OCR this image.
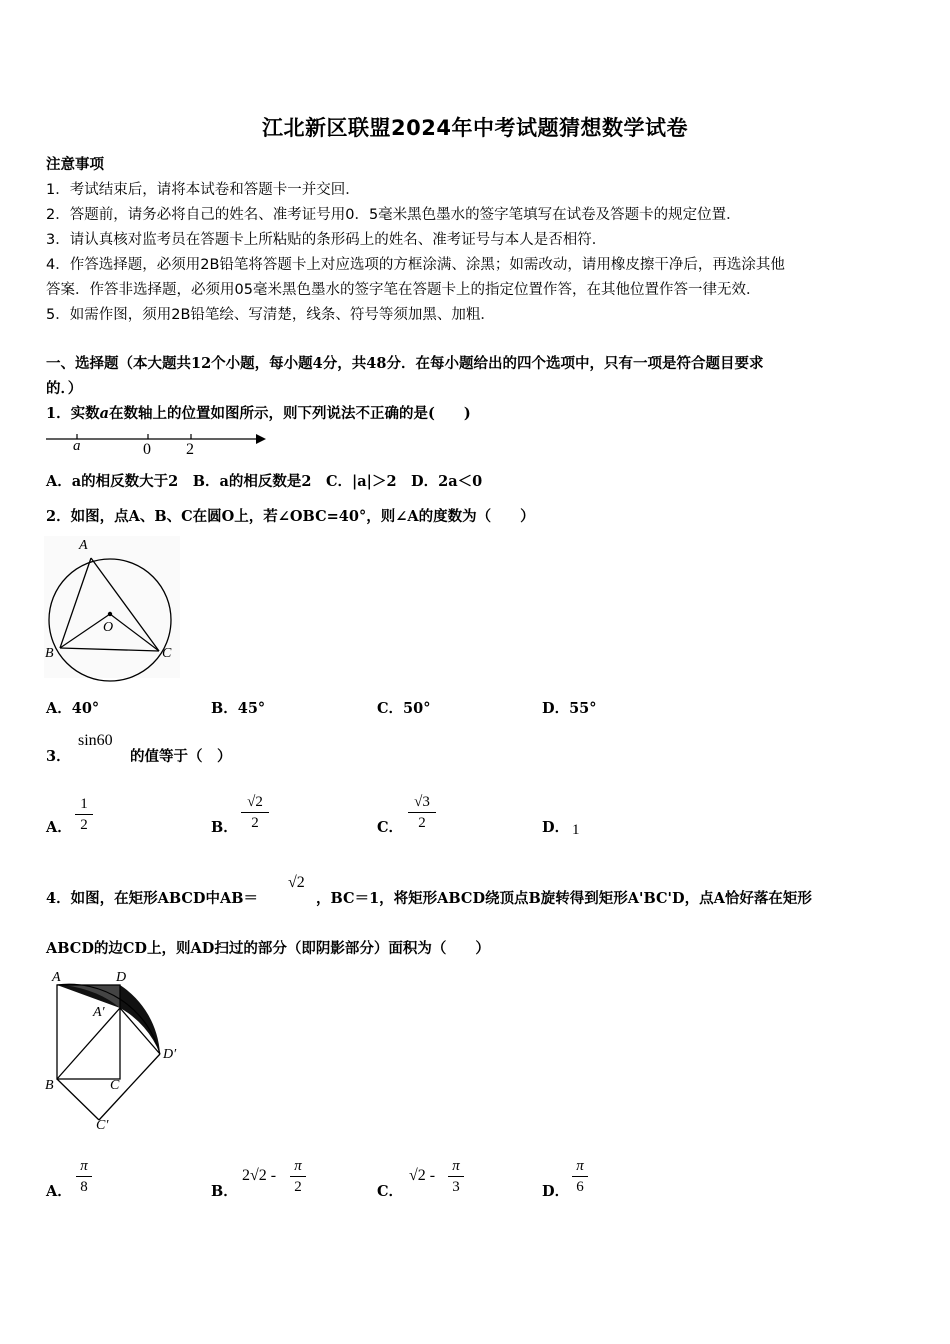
江北新区联盟2024年中考试题猜想数学试卷
注意事项
1．考试结束后，请将本试卷和答题卡一并交回．
2．答题前，请务必将自己的姓名、准考证号用0．5毫米黑色墨水的签字笔填写在试卷及答题卡的规定位置．
3．请认真核对监考员在答题卡上所粘贴的条形码上的姓名、准考证号与本人是否相符．
4．作答选择题，必须用2B铅笔将答题卡上对应选项的方框涂满、涂黑；如需改动，请用橡皮擦干净后，再选涂其他
答案．作答非选择题，必须用05毫米黑色墨水的签字笔在答题卡上的指定位置作答，在其他位置作答一律无效．
5．如需作图，须用2B铅笔绘、写清楚，线条、符号等须加黑、加粗．
一、选择题（本大题共12个小题，每小题4分，共48分．在每小题给出的四个选项中，只有一项是符合题目要求
的．）
1．实数a在数轴上的位置如图所示，则下列说法不正确的是(　　)
a	0 2
A．a的相反数大于2　B．a的相反数是2　C．|a|＞2　D．2a＜0
2．如图，点A、B、C在圆O上，若∠OBC=40°，则∠A的度数为（　　）
A
O
B	C
A．40°	B．45°	C．50°	D．55°
3．
sin60
的值等于（　）
A．
1
2	B．
√2
2	C．
√3
2	D． 1
4．如图，在矩形ABCD中AB＝
√2
，BC＝1，将矩形ABCD绕顶点B旋转得到矩形A'BC'D，点A恰好落在矩形
ABCD的边CD上，则AD扫过的部分（即阴影部分）面积为（　　）
A	D
A′
D′
B	C
C′
A．
π
8	B．
2√2 -
π
2	C．
√2 -
π
3	D．
π
6
